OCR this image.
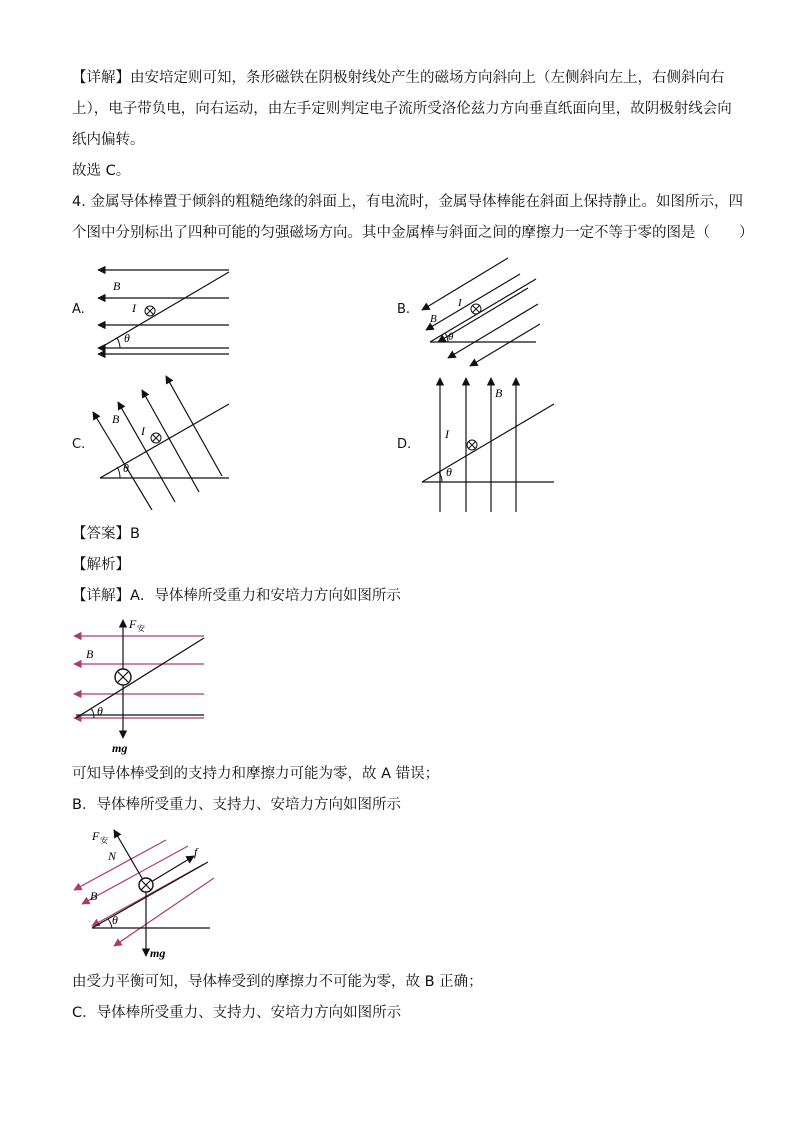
【详解】由安培定则可知，条形磁铁在阴极射线处产生的磁场方向斜向上（左侧斜向左上，右侧斜向右
上），电子带负电，向右运动，由左手定则判定电子流所受洛伦兹力方向垂直纸面向里，故阴极射线会向
纸内偏转。
故选 C。
4. 金属导体棒置于倾斜的粗糙绝缘的斜面上，有电流时，金属导体棒能在斜面上保持静止。如图所示，四
个图中分别标出了四种可能的匀强磁场方向。其中金属棒与斜面之间的摩擦力一定不等于零的图是（　　）
A.	B.
C.	D.
B
I
θ
B
I
θ
B
I
θ
B
I
θ
【答案】B
【解析】
【详解】A．导体棒所受重力和安培力方向如图所示
F 安
B
θ
mg
可知导体棒受到的支持力和摩擦力可能为零，故 A 错误；
B．导体棒所受重力、支持力、安培力方向如图所示
F 安
N	f
B
θ
mg
由受力平衡可知，导体棒受到的摩擦力不可能为零，故 B 正确；
C．导体棒所受重力、支持力、安培力方向如图所示
